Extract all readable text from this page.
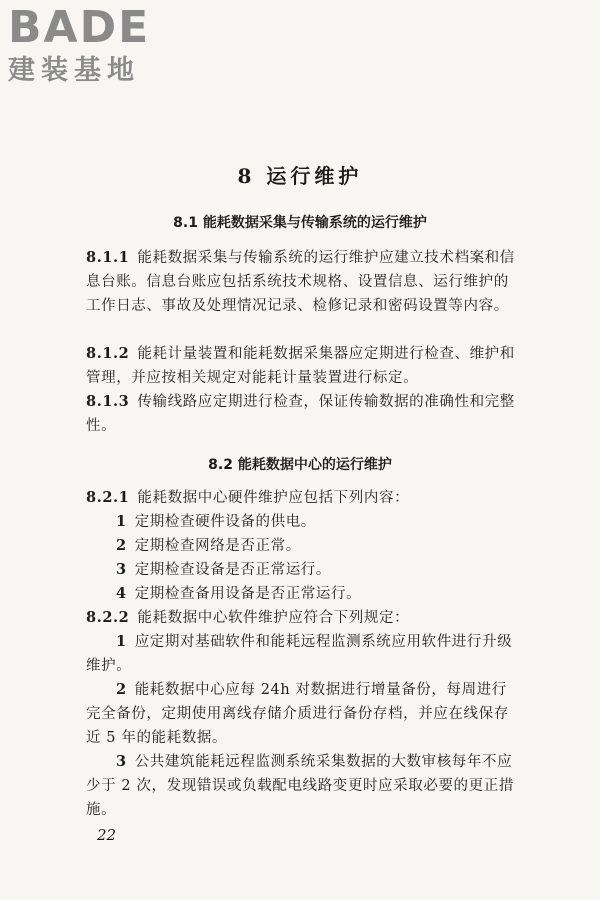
BADE
建装基地
8 运行维护
8.1 能耗数据采集与传输系统的运行维护

8.1.1 能耗数据采集与传输系统的运行维护应建立技术档案和信息台账。信息台账应包括系统技术规格、设置信息、运行维护的工作日志、事故及处理情况记录、检修记录和密码设置等内容。

8.1.2 能耗计量装置和能耗数据采集器应定期进行检查、维护和管理，并应按相关规定对能耗计量装置进行标定。

8.1.3 传输线路应定期进行检查，保证传输数据的准确性和完整性。

8.2 能耗数据中心的运行维护

8.2.1 能耗数据中心硬件维护应包括下列内容：

1 定期检查硬件设备的供电。

2 定期检查网络是否正常。

3 定期检查设备是否正常运行。

4 定期检查备用设备是否正常运行。

8.2.2 能耗数据中心软件维护应符合下列规定：

1 应定期对基础软件和能耗远程监测系统应用软件进行升级维护。

2 能耗数据中心应每 24h 对数据进行增量备份，每周进行完全备份，定期使用离线存储介质进行备份存档，并应在线保存近 5 年的能耗数据。

3 公共建筑能耗远程监测系统采集数据的大数审核每年不应少于 2 次，发现错误或负载配电线路变更时应采取必要的更正措施。

22
